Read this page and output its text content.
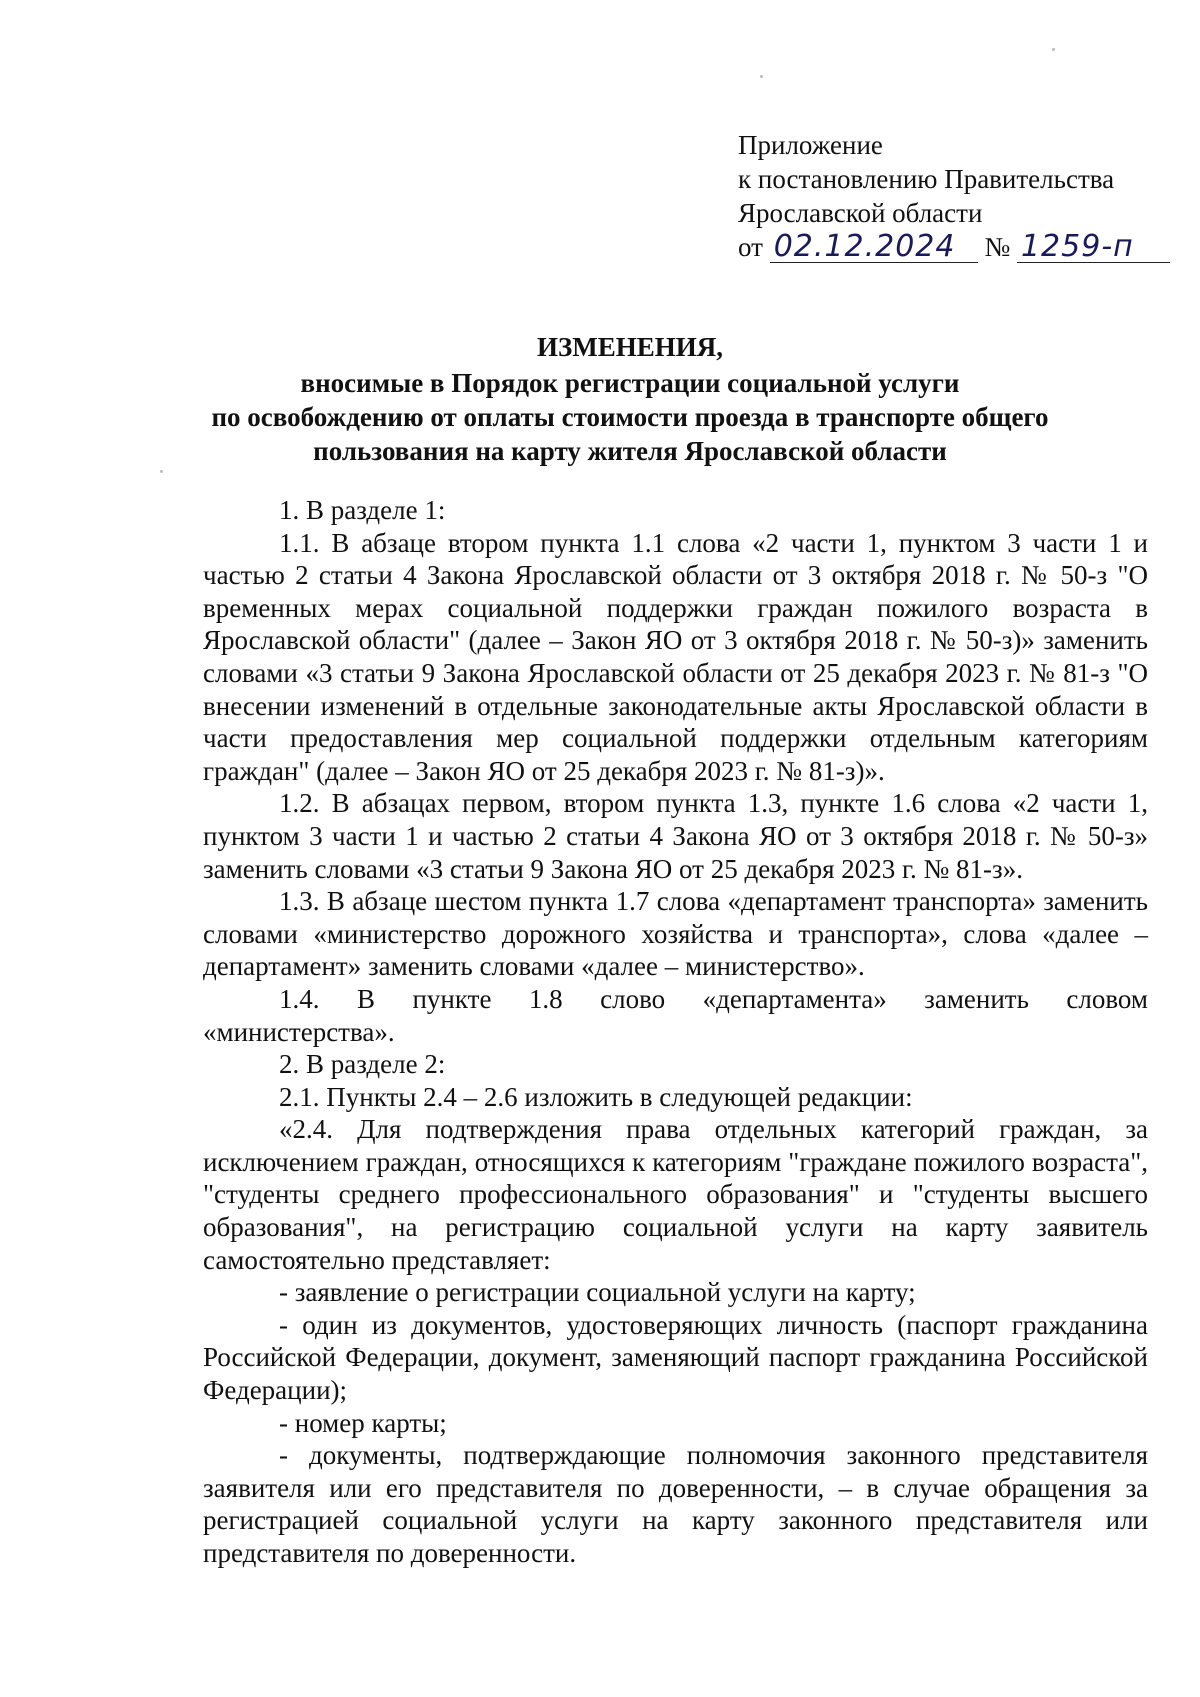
Приложение
к постановлению Правительства
Ярославской области
от 02.12.2024 № 1259-п
ИЗМЕНЕНИЯ,
вносимые в Порядок регистрации социальной услуги
по освобождению от оплаты стоимости проезда в транспорте общего
пользования на карту жителя Ярославской области

1. В разделе 1:

1.1. В абзаце втором пункта 1.1 слова «2 части 1, пунктом 3 части 1 и частью 2 статьи 4 Закона Ярославской области от 3 октября 2018 г. № 50-з "О временных мерах социальной поддержки граждан пожилого возраста в Ярославской области" (далее – Закон ЯО от 3 октября 2018 г. № 50-з)» заменить словами «3 статьи 9 Закона Ярославской области от 25 декабря 2023 г. № 81-з "О внесении изменений в отдельные законодательные акты Ярославской области в части предоставления мер социальной поддержки отдельным категориям граждан" (далее – Закон ЯО от 25 декабря 2023 г. № 81-з)».

1.2. В абзацах первом, втором пункта 1.3, пункте 1.6 слова «2 части 1, пунктом 3 части 1 и частью 2 статьи 4 Закона ЯО от 3 октября 2018 г. № 50-з» заменить словами «3 статьи 9 Закона ЯО от 25 декабря 2023 г. № 81-з».

1.3. В абзаце шестом пункта 1.7 слова «департамент транспорта» заменить словами «министерство дорожного хозяйства и транспорта», слова «далее – департамент» заменить словами «далее – министерство».

1.4. В пункте 1.8 слово «департамента» заменить словом «министерства».

2. В разделе 2:

2.1. Пункты 2.4 – 2.6 изложить в следующей редакции:

«2.4. Для подтверждения права отдельных категорий граждан, за исключением граждан, относящихся к категориям "граждане пожилого возраста", "студенты среднего профессионального образования" и "студенты высшего образования", на регистрацию социальной услуги на карту заявитель самостоятельно представляет:

- заявление о регистрации социальной услуги на карту;

- один из документов, удостоверяющих личность (паспорт гражданина Российской Федерации, документ, заменяющий паспорт гражданина Российской Федерации);

- номер карты;

- документы, подтверждающие полномочия законного представителя заявителя или его представителя по доверенности, – в случае обращения за регистрацией социальной услуги на карту законного представителя или представителя по доверенности.
